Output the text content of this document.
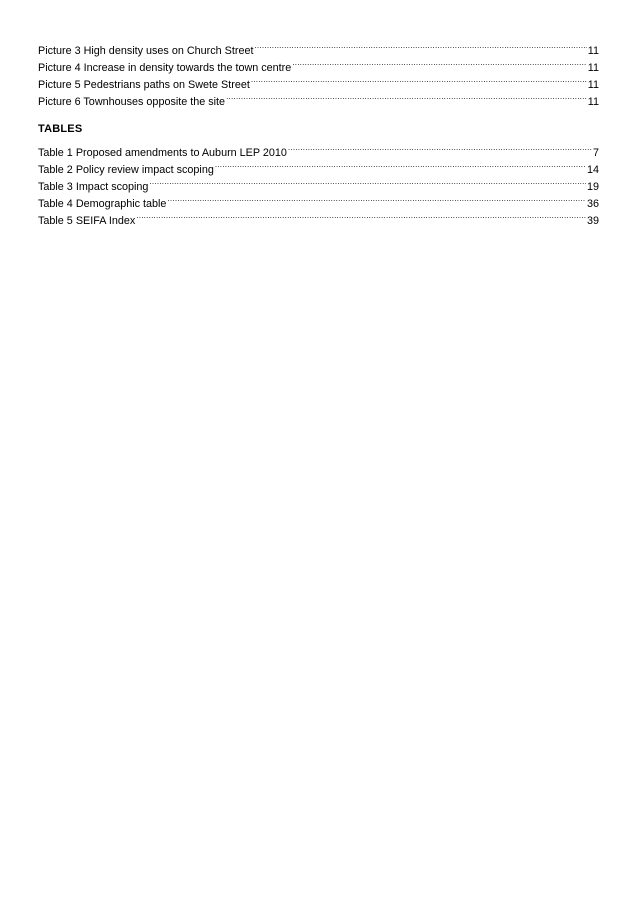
Picture 3 High density uses on Church Street .....	11
Picture 4 Increase in density towards the town centre .....	11
Picture 5 Pedestrians paths on Swete Street .....	11
Picture 6 Townhouses opposite the site .....	11
TABLES
Table 1 Proposed amendments to Auburn LEP 2010 .....	7
Table 2 Policy review impact scoping .....	14
Table 3 Impact scoping .....	19
Table 4 Demographic table .....	36
Table 5 SEIFA Index .....	39
